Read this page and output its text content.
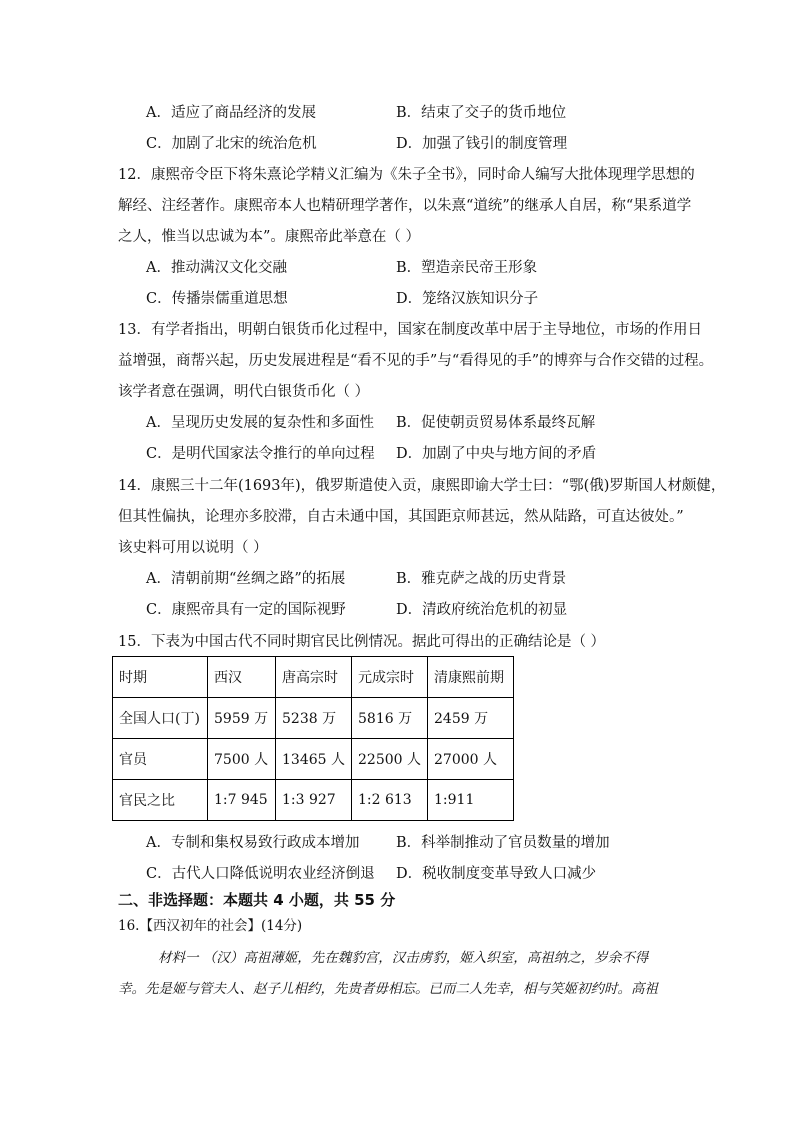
A．适应了商品经济的发展	B．结束了交子的货币地位
C．加剧了北宋的统治危机	D．加强了钱引的制度管理
12．康熙帝令臣下将朱熹论学精义汇编为《朱子全书》，同时命人编写大批体现理学思想的
解经、注经著作。康熙帝本人也精研理学著作，以朱熹“道统”的继承人自居，称“果系道学
之人，惟当以忠诚为本”。康熙帝此举意在（ ）
A．推动满汉文化交融	B．塑造亲民帝王形象
C．传播崇儒重道思想	D．笼络汉族知识分子
13．有学者指出，明朝白银货币化过程中，国家在制度改革中居于主导地位，市场的作用日
益增强，商帮兴起，历史发展进程是“看不见的手”与“看得见的手”的博弈与合作交错的过程。
该学者意在强调，明代白银货币化（ ）
A．呈现历史发展的复杂性和多面性 B．促使朝贡贸易体系最终瓦解
C．是明代国家法令推行的单向过程 D．加剧了中央与地方间的矛盾
14．康熙三十二年(1693年)，俄罗斯遣使入贡，康熙即谕大学士曰：“鄂(俄)罗斯国人材颇健，
但其性偏执，论理亦多胶滞，自古未通中国，其国距京师甚远，然从陆路，可直达彼处。”
该史料可用以说明（ ）
A．清朝前期“丝绸之路”的拓展	B．雅克萨之战的历史背景
C．康熙帝具有一定的国际视野	D．清政府统治危机的初显
15．下表为中国古代不同时期官民比例情况。据此可得出的正确结论是（ ）
时期	西汉	唐高宗时	元成宗时	清康熙前期
全国人口(丁)	5959 万	5238 万	5816 万	2459 万
官员	7500 人	13465 人	22500 人	27000 人
官民之比	1:7 945	1:3 927	1:2 613	1:911
A．专制和集权易致行政成本增加	B．科举制推动了官员数量的增加
C．古代人口降低说明农业经济倒退 D．税收制度变革导致人口减少
二、非选择题：本题共 4 小题，共 55 分
16.【西汉初年的社会】(14分)
材料一 （汉）高祖薄姬，先在魏豹宫，汉击虏豹，姬入织室，高祖纳之，岁余不得
幸。先是姬与管夫人、赵子儿相约，先贵者毋相忘。已而二人先幸，相与笑姬初约时。高祖
